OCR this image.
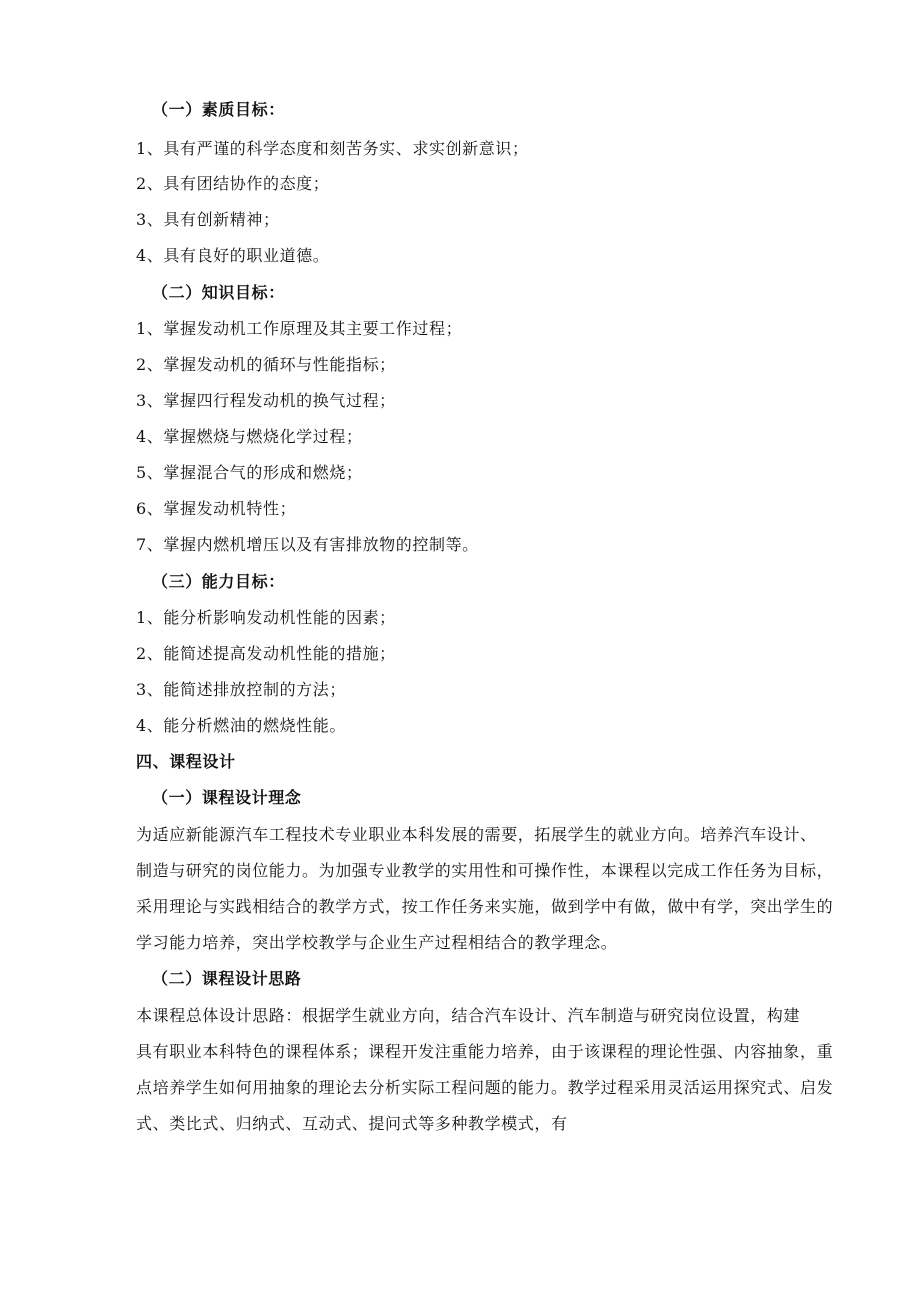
（一）素质目标：
1、具有严谨的科学态度和刻苦务实、求实创新意识；
2、具有团结协作的态度；
3、具有创新精神；
4、具有良好的职业道德。
（二）知识目标：
1、掌握发动机工作原理及其主要工作过程；
2、掌握发动机的循环与性能指标；
3、掌握四行程发动机的换气过程；
4、掌握燃烧与燃烧化学过程；
5、掌握混合气的形成和燃烧；
6、掌握发动机特性；
7、掌握内燃机增压以及有害排放物的控制等。
（三）能力目标：
1、能分析影响发动机性能的因素；
2、能简述提高发动机性能的措施；
3、能简述排放控制的方法；
4、能分析燃油的燃烧性能。
四、课程设计
（一）课程设计理念
为适应新能源汽车工程技术专业职业本科发展的需要，拓展学生的就业方向。培养汽车设计、
制造与研究的岗位能力。为加强专业教学的实用性和可操作性，本课程以完成工作任务为目标，
采用理论与实践相结合的教学方式，按工作任务来实施，做到学中有做，做中有学，突出学生的
学习能力培养，突出学校教学与企业生产过程相结合的教学理念。
（二）课程设计思路
本课程总体设计思路：根据学生就业方向，结合汽车设计、汽车制造与研究岗位设置，构建
具有职业本科特色的课程体系；课程开发注重能力培养，由于该课程的理论性强、内容抽象，重
点培养学生如何用抽象的理论去分析实际工程问题的能力。教学过程采用灵活运用探究式、启发
式、类比式、归纳式、互动式、提问式等多种教学模式，有
